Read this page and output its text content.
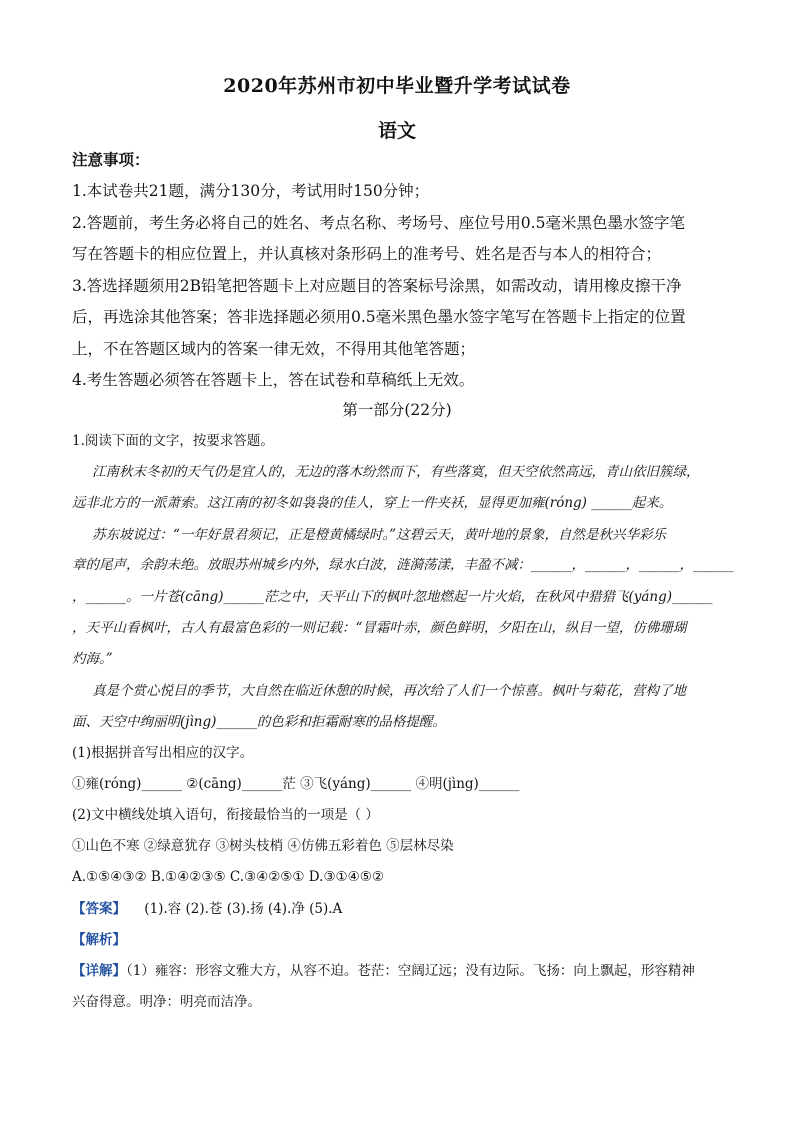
2020年苏州市初中毕业暨升学考试试卷
语文
注意事项：
1.本试卷共21题，满分130分，考试用时150分钟；
2.答题前，考生务必将自己的姓名、考点名称、考场号、座位号用0.5毫米黑色墨水签字笔
写在答题卡的相应位置上，并认真核对条形码上的准考号、姓名是否与本人的相符合；
3.答选择题须用2B铅笔把答题卡上对应题目的答案标号涂黑，如需改动，请用橡皮擦干净
后，再选涂其他答案；答非选择题必须用0.5毫米黑色墨水签字笔写在答题卡上指定的位置
上，不在答题区域内的答案一律无效，不得用其他笔答题；
4.考生答题必须答在答题卡上，答在试卷和草稿纸上无效。
第一部分(22分)
1.阅读下面的文字，按要求答题。
江南秋末冬初的天气仍是宜人的，无边的落木纷然而下，有些落寞，但天空依然高远，青山依旧簇绿，
远非北方的一派萧索。这江南的初冬如袅袅的佳人，穿上一件夹袄，显得更加雍(róng) ______起来。
苏东坡说过：“一年好景君须记，正是橙黄橘绿时。”这碧云天，黄叶地的景象，自然是秋兴华彩乐
章的尾声，余韵未绝。放眼苏州城乡内外，绿水白波，涟漪荡漾，丰盈不减：______，______，______，______
，______。一片苍(cāng)______茫之中，天平山下的枫叶忽地燃起一片火焰，在秋风中猎猎飞(yáng)______
，天平山看枫叶，古人有最富色彩的一则记载：“冒霜叶赤，颜色鲜明，夕阳在山，纵目一望，仿佛珊瑚
灼海。”
真是个赏心悦目的季节，大自然在临近休憩的时候，再次给了人们一个惊喜。枫叶与菊花，营构了地
面、天空中绚丽明(jìng)______的色彩和拒霜耐寒的品格提醒。
(1)根据拼音写出相应的汉字。
①雍(róng)______ ②(cāng)______茫 ③飞(yáng)______ ④明(jìng)______
(2)文中横线处填入语句，衔接最恰当的一项是（ ）
①山色不寒 ②绿意犹存 ③树头枝梢 ④仿佛五彩着色 ⑤层林尽染
A.①⑤④③② B.①④②③⑤ C.③④②⑤① D.③①④⑤②
【答案】 (1).容 (2).苍 (3).扬 (4).净 (5).A
【解析】
【详解】（1）雍容：形容文雅大方，从容不迫。苍茫：空阔辽远；没有边际。飞扬：向上飘起，形容精神
兴奋得意。明净：明亮而洁净。
